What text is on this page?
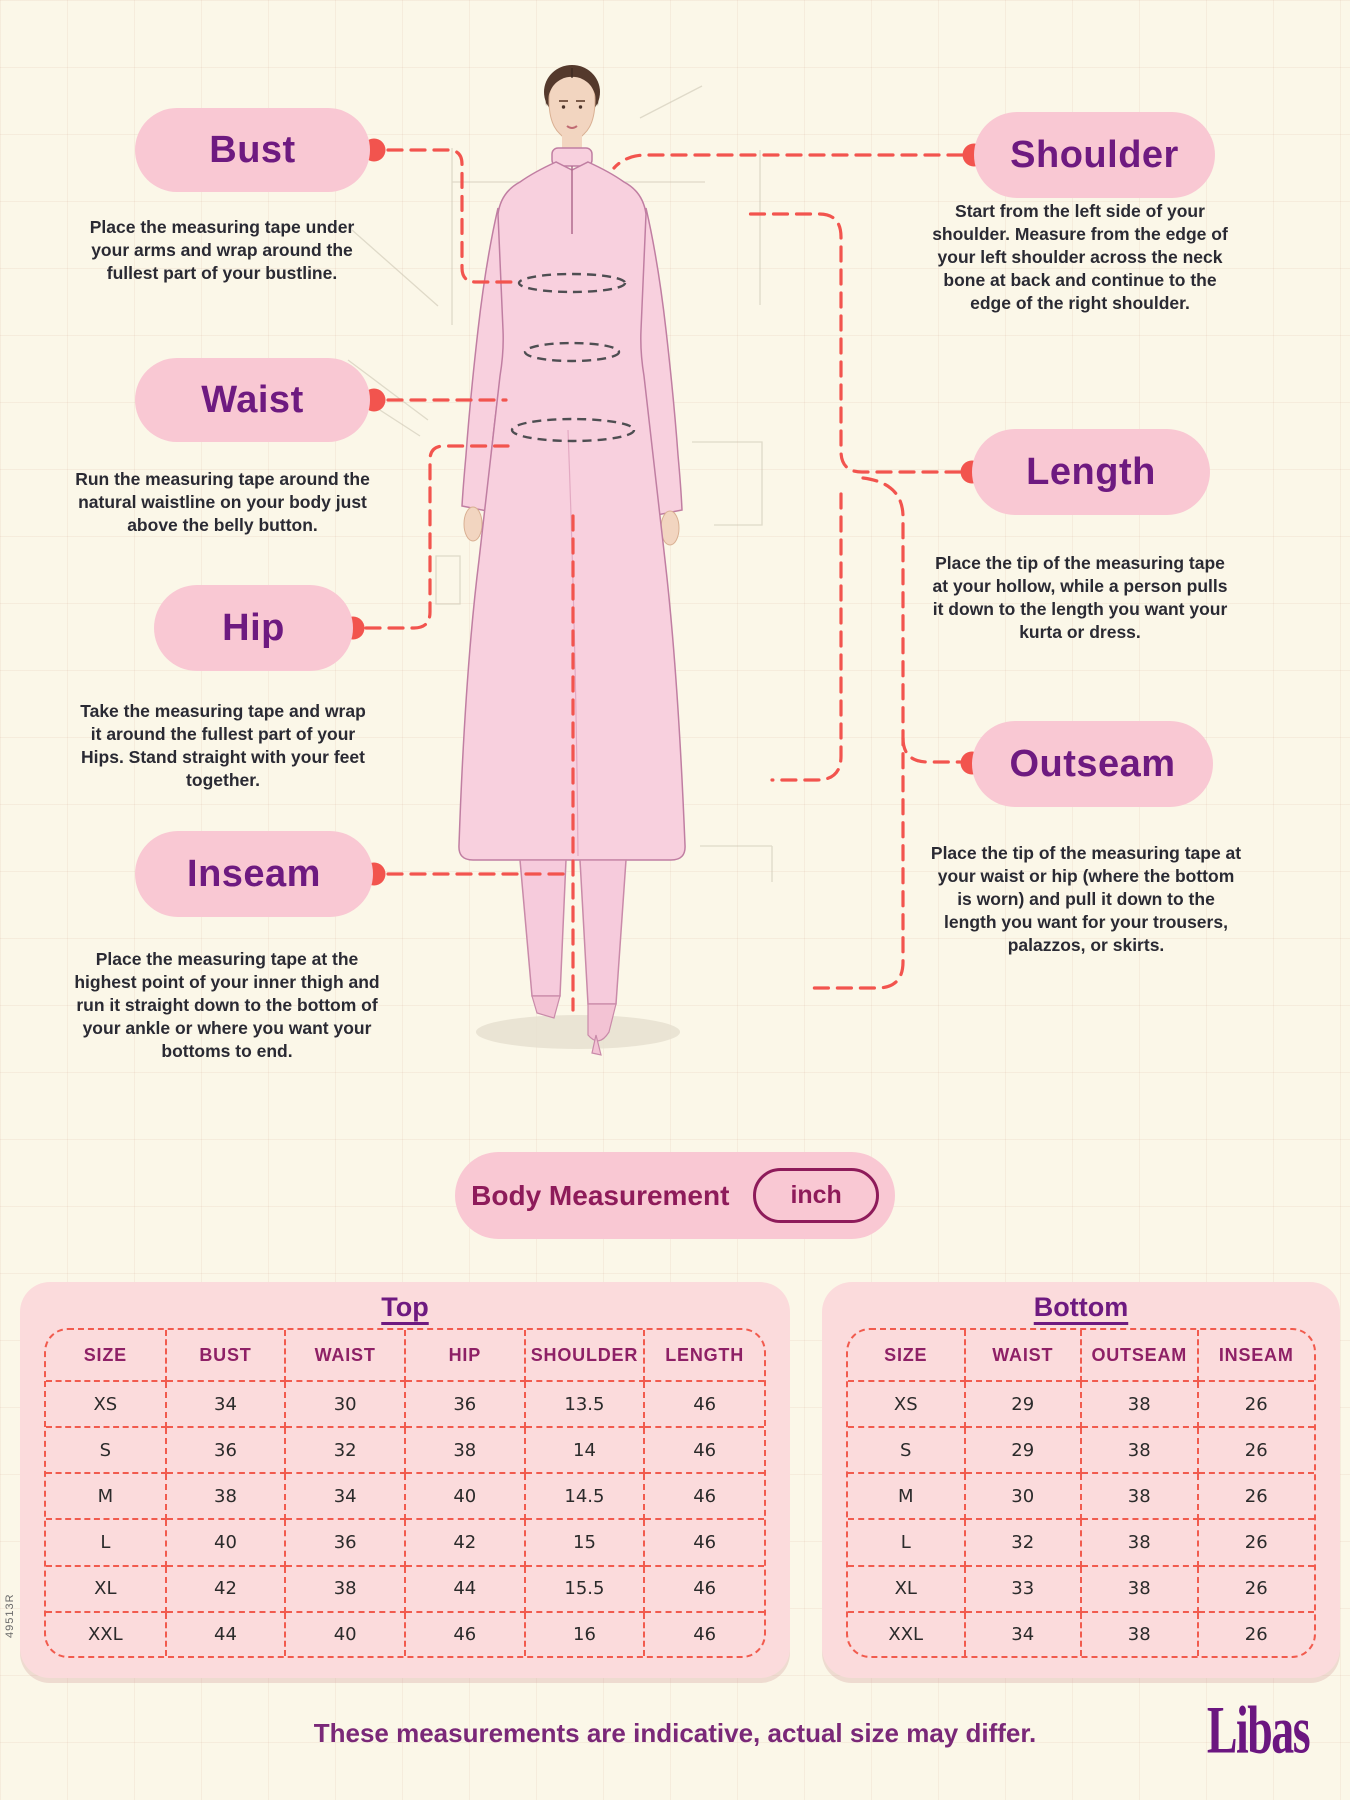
Bust
Place the measuring tape under your arms and wrap around the fullest part of your bustline.
Waist
Run the measuring tape around the natural waistline on your body just above the belly button.
Hip
Take the measuring tape and wrap it around the fullest part of your Hips. Stand straight with your feet together.
Inseam
Place the measuring tape at the highest point of your inner thigh and run it straight down to the bottom of your ankle or where you want your bottoms to end.
Shoulder
Start from the left side of your shoulder. Measure from the edge of your left shoulder across the neck bone at back and continue to the edge of the right shoulder.
Length
Place the tip of the measuring tape at your hollow, while a person pulls it down to the length you want your kurta or dress.
Outseam
Place the tip of the measuring tape at your waist or hip (where the bottom is worn) and pull it down to the length you want for your trousers, palazzos, or skirts.
Body Measurement	inch
Top
SIZE	BUST	WAIST	HIP	SHOULDER	LENGTH
XS	34	30	36	13.5	46
S	36	32	38	14	46
M	38	34	40	14.5	46
L	40	36	42	15	46
XL	42	38	44	15.5	46
XXL	44	40	46	16	46
Bottom
SIZE	WAIST	OUTSEAM	INSEAM
XS	29	38	26
S	29	38	26
M	30	38	26
L	32	38	26
XL	33	38	26
XXL	34	38	26
These measurements are indicative, actual size may differ.	Libas
49513R
